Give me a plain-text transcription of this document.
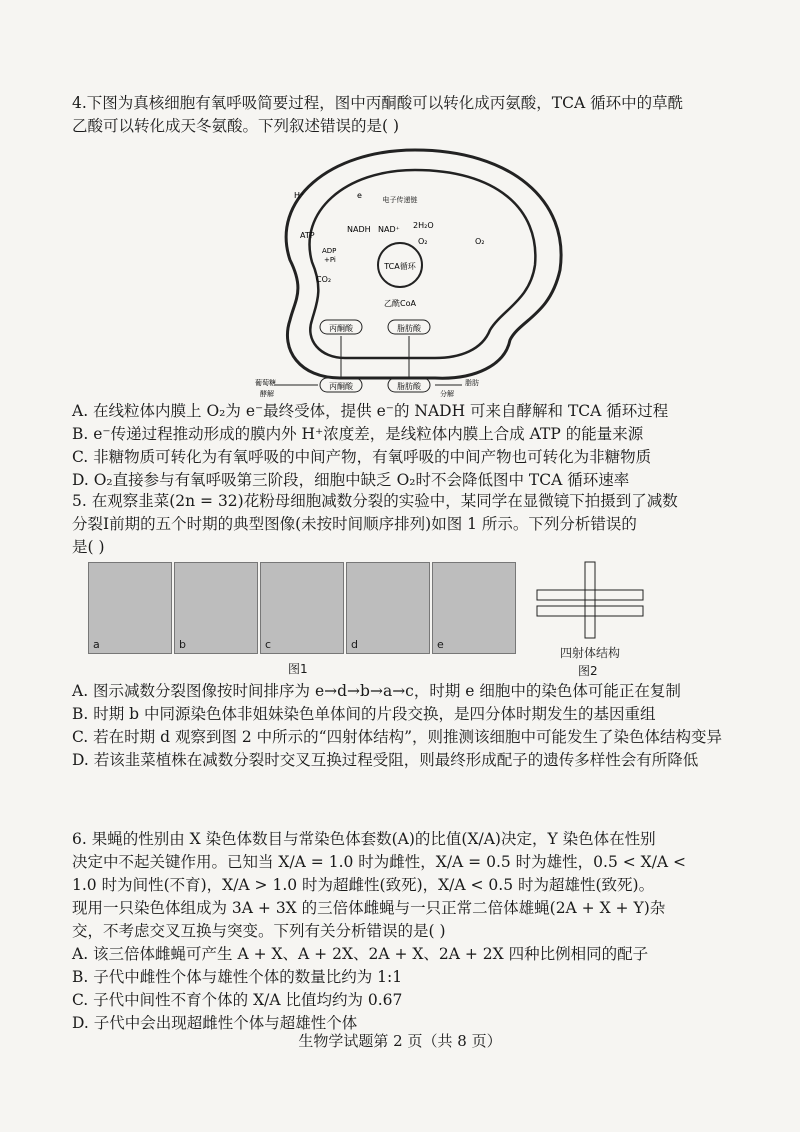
4.下图为真核细胞有氧呼吸简要过程，图中丙酮酸可以转化成丙氨酸，TCA 循环中的草酰

乙酸可以转化成天冬氨酸。下列叙述错误的是( )

TCA循环
电子传递链
H⁺	e
2H₂O
O₂	O₂
NADH NAD⁺
ATP
ADP
+Pi
CO₂
乙酰CoA
丙酮酸	脂肪酸
葡萄糖
酵解
丙酮酸	脂肪酸
分解
脂肪

A. 在线粒体内膜上 O₂为 e⁻最终受体，提供 e⁻的 NADH 可来自酵解和 TCA 循环过程

B. e⁻传递过程推动形成的膜内外 H⁺浓度差，是线粒体内膜上合成 ATP 的能量来源

C. 非糖物质可转化为有氧呼吸的中间产物，有氧呼吸的中间产物也可转化为非糖物质

D. O₂直接参与有氧呼吸第三阶段，细胞中缺乏 O₂时不会降低图中 TCA 循环速率

5. 在观察韭菜(2n = 32)花粉母细胞减数分裂的实验中，某同学在显微镜下拍摄到了减数

分裂Ⅰ前期的五个时期的典型图像(未按时间顺序排列)如图 1 所示。下列分析错误的

是( )

a	b	c	d	e
图1
四射体结构
图2

A. 图示减数分裂图像按时间排序为 e→d→b→a→c，时期 e 细胞中的染色体可能正在复制

B. 时期 b 中同源染色体非姐妹染色单体间的片段交换，是四分体时期发生的基因重组

C. 若在时期 d 观察到图 2 中所示的“四射体结构”，则推测该细胞中可能发生了染色体结构变异

D. 若该韭菜植株在减数分裂时交叉互换过程受阻，则最终形成配子的遗传多样性会有所降低

6. 果蝇的性别由 X 染色体数目与常染色体套数(A)的比值(X/A)决定，Y 染色体在性别

决定中不起关键作用。已知当 X/A = 1.0 时为雌性，X/A = 0.5 时为雄性，0.5 < X/A <

1.0 时为间性(不育)，X/A > 1.0 时为超雌性(致死)，X/A < 0.5 时为超雄性(致死)。

现用一只染色体组成为 3A + 3X 的三倍体雌蝇与一只正常二倍体雄蝇(2A + X + Y)杂

交，不考虑交叉互换与突变。下列有关分析错误的是( )

A. 该三倍体雌蝇可产生 A + X、A + 2X、2A + X、2A + 2X 四种比例相同的配子

B. 子代中雌性个体与雄性个体的数量比约为 1:1

C. 子代中间性不育个体的 X/A 比值均约为 0.67

D. 子代中会出现超雌性个体与超雄性个体

生物学试题第 2 页（共 8 页）
